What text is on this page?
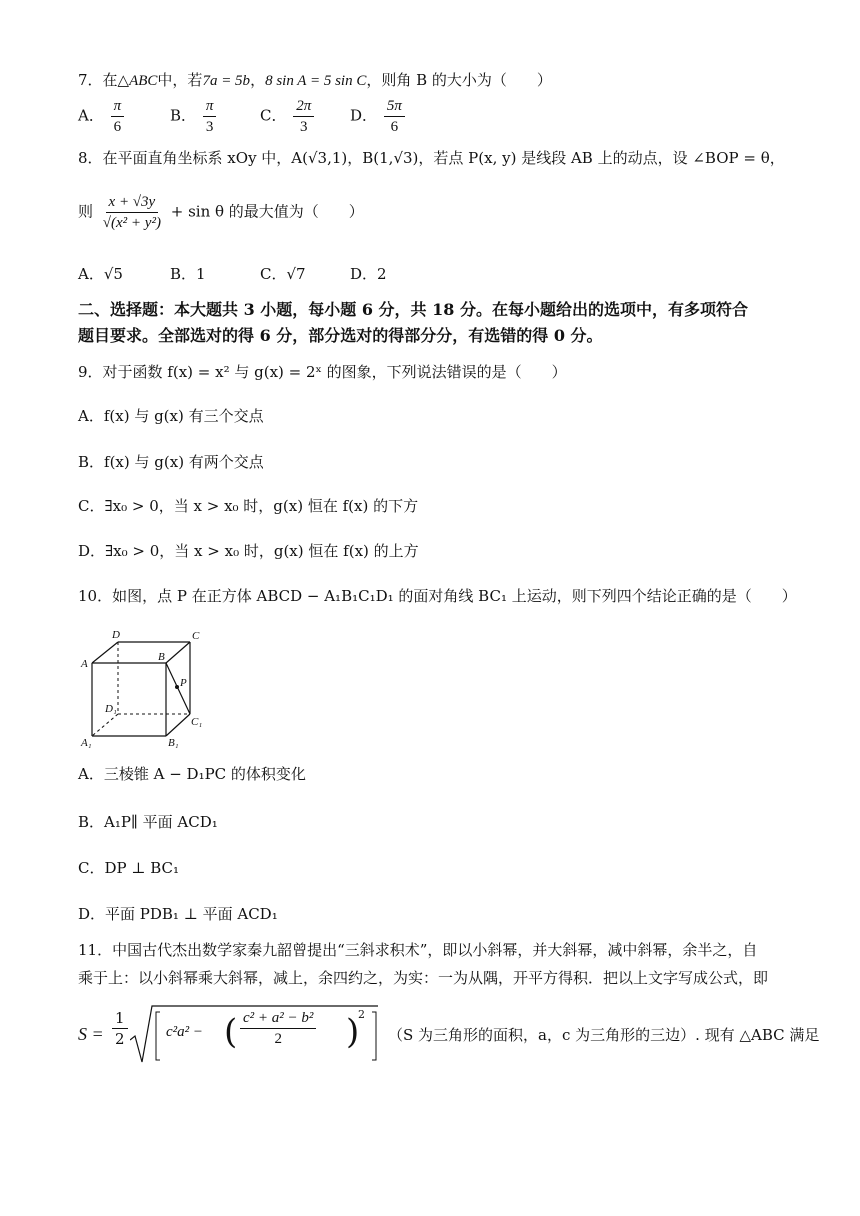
7．在△ABC中，若7a = 5b，8 sin A = 5 sin C，则角 B 的大小为（　　）
A． $\frac{\pi}{6}$	B． $\frac{\pi}{3}$	C． $\frac{2\pi}{3}$ D． $\frac{5\pi}{6}$
8．在平面直角坐标系 xOy 中，A(√3,1)，B(1,√3)，若点 P(x, y) 是线段 AB 上的动点，设 ∠BOP = θ，
则 $\frac{x + √3y}{\text{√(x² + y²)}} + \sin \theta$ 的最大值为（　　）
A．√5	B．1	C．√7	D．2
二、选择题：本大题共 3 小题，每小题 6 分，共 18 分。在每小题给出的选项中，有多项符合
题目要求。全部选对的得 6 分，部分选对的得部分分，有选错的得 0 分。
9．对于函数 f(x) = x² 与 g(x) = 2ˣ 的图象，下列说法错误的是（　　）
A．f(x) 与 g(x) 有三个交点
B．f(x) 与 g(x) 有两个交点
C．∃x₀ > 0，当 x > x₀ 时，g(x) 恒在 f(x) 的下方
D．∃x₀ > 0，当 x > x₀ 时，g(x) 恒在 f(x) 的上方
10．如图，点 P 在正方体 ABCD − A₁B₁C₁D₁ 的面对角线 BC₁ 上运动，则下列四个结论正确的是（　　）
D	C
A
B
P
D₁
C₁
A₁	B₁
A．三棱锥 A − D₁PC 的体积变化
B．A₁P∥ 平面 ACD₁
C．DP ⊥ BC₁
D．平面 PDB₁ ⊥ 平面 ACD₁
11．中国古代杰出数学家秦九韶曾提出“三斜求积术”，即以小斜幂，并大斜幂，减中斜幂，余半之，自
乘于上：以小斜幂乘大斜幂，减上，余四约之，为实：一为从隅，开平方得积．把以上文字写成公式，即
$S = \frac{1}{2}$	c²a² − ( $\frac{\text{c² + a² − b²}}{2}$ )
2
（S 为三角形的面积，a，c 为三角形的三边）. 现有 △ABC 满足
